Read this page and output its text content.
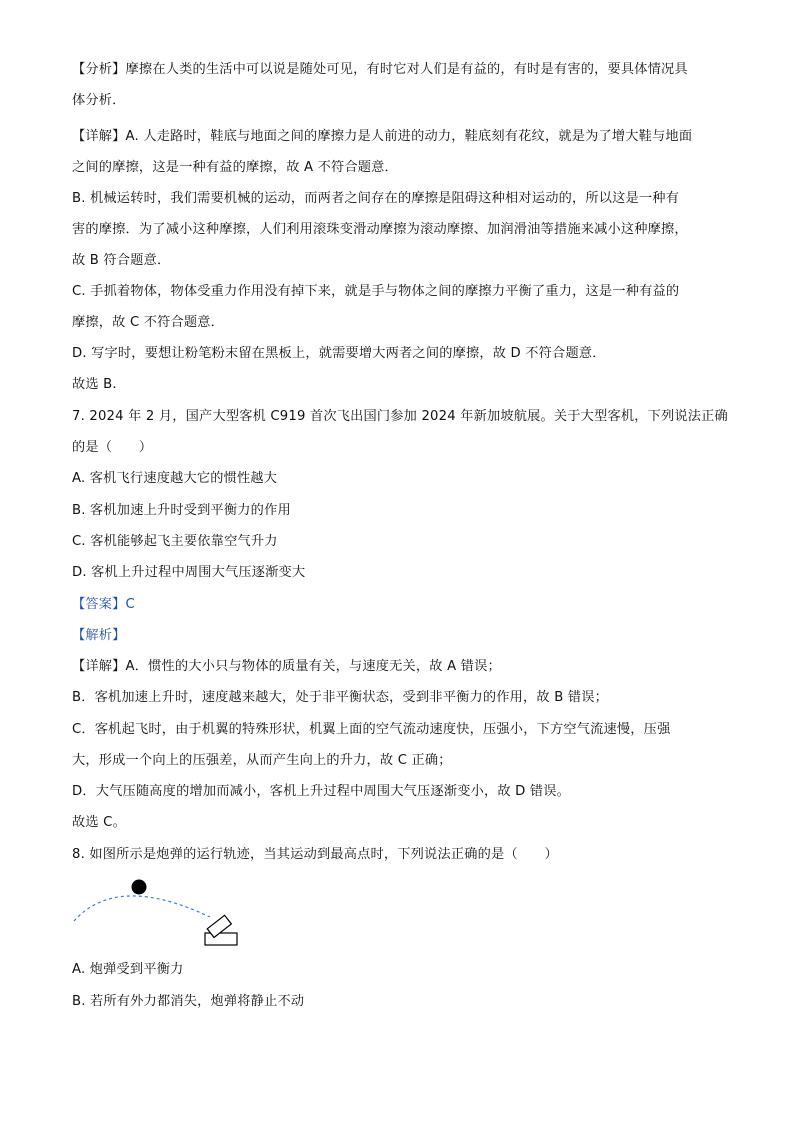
【分析】摩擦在人类的生活中可以说是随处可见，有时它对人们是有益的，有时是有害的，要具体情况具
体分析．
【详解】A. 人走路时，鞋底与地面之间的摩擦力是人前进的动力，鞋底刻有花纹，就是为了增大鞋与地面
之间的摩擦，这是一种有益的摩擦，故 A 不符合题意．
B. 机械运转时，我们需要机械的运动，而两者之间存在的摩擦是阻碍这种相对运动的，所以这是一种有
害的摩擦．为了减小这种摩擦，人们利用滚珠变滑动摩擦为滚动摩擦、加润滑油等措施来减小这种摩擦，
故 B 符合题意．
C. 手抓着物体，物体受重力作用没有掉下来，就是手与物体之间的摩擦力平衡了重力，这是一种有益的
摩擦，故 C 不符合题意．
D. 写字时，要想让粉笔粉末留在黑板上，就需要增大两者之间的摩擦，故 D 不符合题意．
故选 B.
7. 2024 年 2 月，国产大型客机 C919 首次飞出国门参加 2024 年新加坡航展。关于大型客机，下列说法正确
的是（　　）
A. 客机飞行速度越大它的惯性越大
B. 客机加速上升时受到平衡力的作用
C. 客机能够起飞主要依靠空气升力
D. 客机上升过程中周围大气压逐渐变大
【答案】C
【解析】
【详解】A．惯性的大小只与物体的质量有关，与速度无关，故 A 错误；
B．客机加速上升时，速度越来越大，处于非平衡状态，受到非平衡力的作用，故 B 错误；
C．客机起飞时，由于机翼的特殊形状，机翼上面的空气流动速度快，压强小，下方空气流速慢，压强
大，形成一个向上的压强差，从而产生向上的升力，故 C 正确；
D．大气压随高度的增加而减小，客机上升过程中周围大气压逐渐变小，故 D 错误。
故选 C。
8. 如图所示是炮弹的运行轨迹，当其运动到最高点时，下列说法正确的是（　　）
A. 炮弹受到平衡力
B. 若所有外力都消失，炮弹将静止不动
